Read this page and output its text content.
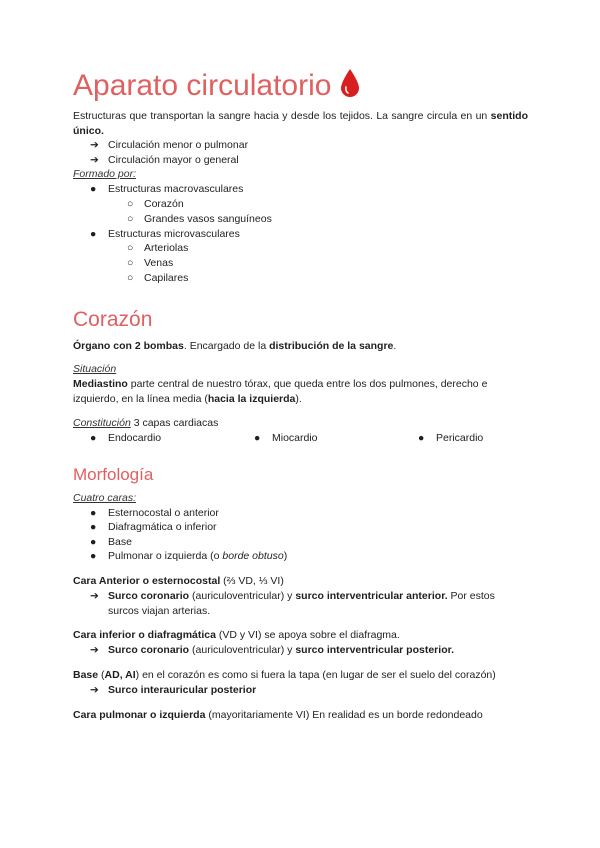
Aparato circulatorio
Estructuras que transportan la sangre hacia y desde los tejidos. La sangre circula en un sentido único.
➔ Circulación menor o pulmonar
➔ Circulación mayor o general
Formado por:
● Estructuras macrovasculares
○ Corazón
○ Grandes vasos sanguíneos
● Estructuras microvasculares
○ Arteriolas
○ Venas
○ Capilares
Corazón
Órgano con 2 bombas. Encargado de la distribución de la sangre.
Situación
Mediastino parte central de nuestro tórax, que queda entre los dos pulmones, derecho e
izquierdo, en la línea media (hacia la izquierda).
Constitución 3 capas cardiacas
● Endocardio	● Miocardio	● Pericardio
Morfología
Cuatro caras:
● Esternocostal o anterior
● Diafragmática o inferior
● Base
● Pulmonar o izquierda (o borde obtuso)
Cara Anterior o esternocostal (⅔ VD, ⅓ VI)
➔ Surco coronario (auriculoventricular) y surco interventricular anterior. Por estos
surcos viajan arterias.
Cara inferior o diafragmática (VD y VI) se apoya sobre el diafragma.
➔ Surco coronario (auriculoventricular) y surco interventricular posterior.
Base (AD, AI) en el corazón es como si fuera la tapa (en lugar de ser el suelo del corazón)
➔ Surco interauricular posterior
Cara pulmonar o izquierda (mayoritariamente VI) En realidad es un borde redondeado
